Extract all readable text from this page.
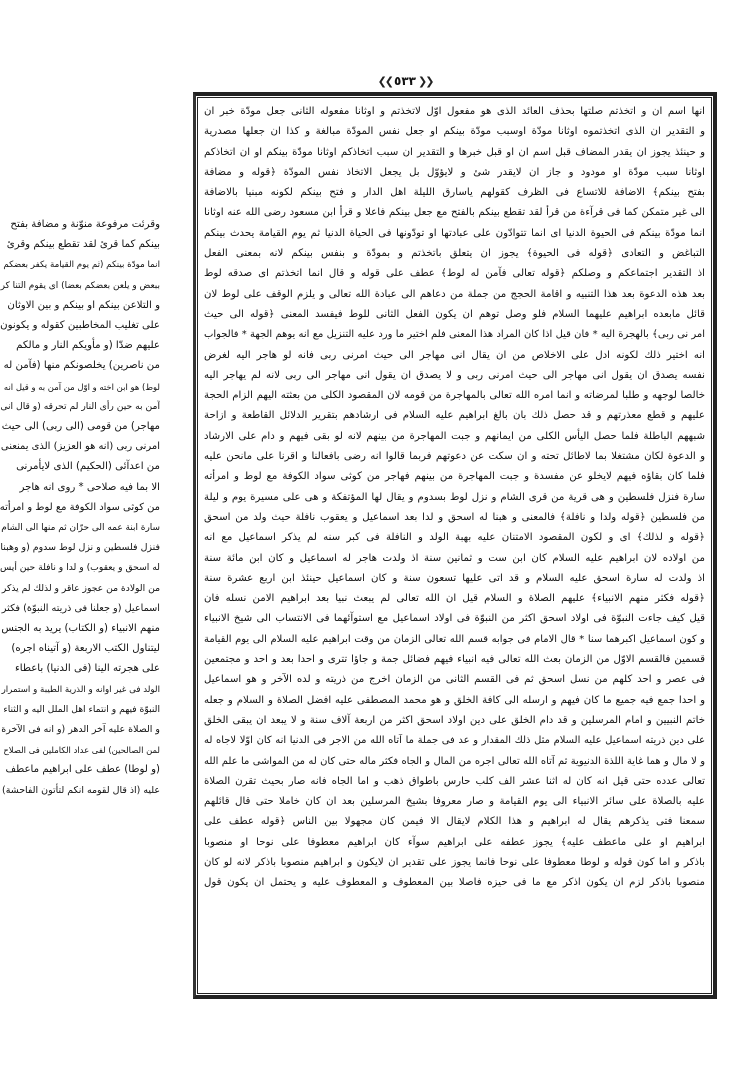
❮❮ ٥٣٣ ❯❯
وقرئت مرفوعة منوّنة و مضافة بفتح
بينكم كما قرئ لقد تقطع بينكم وقرئ
انما مودّة بينكم (ثم يوم القيامة يكفر بعضكم
ببعض و يلعن بعضكم بعضا) اى يقوم التنا كر
و التلاعن بينكم او بينكم و بين الاوثان
على تغليب المخاطبين كقوله و يكونون
عليهم ضدّا (و مأويكم النار و مالكم
من ناصرين) يخلصونكم منها (فآمن له
لوط) هو ابن اخته و اوّل من آمن به و قيل انه
آمن به حين رأى النار لم تحرقه (و قال انى
مهاجر) من قومى (الى ربى) الى حيث
امرنى ربى (انه هو العزيز) الذى يمنعنى
من اعدآئى (الحكيم) الذى لايأمرنى
الا بما فيه صلاحى * روى انه هاجر
من كوثى سواد الكوفة مع لوط و امرأته
سارة ابنة عمه الى حرّان ثم منها الى الشام
فنزل فلسطين و نزل لوط سدوم (و وهبنا
له اسحق و يعقوب) و لدا و نافلة حين أيس
من الولادة من عجوز عاقر و لذلك لم يذكر
اسماعيل (و جعلنا فى ذريته النبوّة) فكثر
منهم الانبياء (و الكتاب) يريد به الجنس
ليتناول الكتب الاربعة (و آتيناه اجره)
على هجرته الينا (فى الدنيا) باعطاء
الولد فى غير اوانه و الذرية الطيبة و استمرار
النبوّة فيهم و انتماء اهل الملل اليه و الثناء
و الصلاة عليه آخر الدهر (و انه فى الآخرة
لمن الصالحين) لفى عداد الكاملين فى الصلاح
(و لوطا) عطف على ابراهيم ماعطف
عليه (اذ قال لقومه انكم لتأتون الفاحشة)
انها اسم ان و اتخذتم صلتها بحذف العائد الذى هو مفعول اوّل لاتخذتم و اوثانا مفعوله الثانى جعل مودّة خبر ان
و التقدير ان الذى اتخذتموه اوثانا مودّة اوسبب مودّة بينكم او جعل نفس المودّة مبالغة و كذا ان جعلها مصدرية
و حينئذ يجوز ان يقدر المضاف قبل اسم ان او قبل خبرها و التقدير ان سبب اتخاذكم اوثانا مودّة بينكم او ان اتخاذكم
اوثانا سبب مودّة او مودود و جاز ان لايقدر شئ و لايؤوّل بل يجعل الاتخاذ نفس المودّة ﴿قوله و مضافة
بفتح بينكم﴾ الاضافة للاتساع فى الظرف كقولهم ياسارق الليلة اهل الدار و فتح بينكم لكونه مبنيا بالاضافة
الى غير متمكن كما فى قرآءة من قرأ لقد تقطع بينكم بالفتح مع جعل بينكم فاعلا و قرأ ابن مسعود رضى الله عنه اوثانا
انما مودّة بينكم فى الحيوة الدنيا اى انما تتوادّون على عبادتها او تودّونها فى الحياة الدنيا ثم يوم القيامة يحدث بينكم
التباغض و التعادى ﴿قوله فى الحيوة﴾ يجوز ان يتعلق باتخذتم و بمودّة و بنفس بينكم لانه بمعنى الفعل
اذ التقدير اجتماعكم و وصلكم ﴿قوله تعالى فآمن له لوط﴾ عطف على قوله و قال انما اتخذتم اى صدقه لوط
بعد هذه الدعوة بعد هذا التنبيه و اقامة الحجج من جملة من دعاهم الى عبادة الله تعالى و يلزم الوقف على لوط لان
قائل مابعده ابراهيم عليهما السلام فلو وصل توهم ان يكون الفعل الثانى للوط فيفسد المعنى ﴿قوله الى حيث
امر نى ربى﴾ بالهجرة اليه * فان قيل اذا كان المراد هذا المعنى فلم اختير ما ورد عليه التنزيل مع انه يوهم الجهة * فالجواب
انه اختير ذلك لكونه ادل على الاخلاص من ان يقال انى مهاجر الى حيث امرنى ربى فانه لو هاجر اليه لغرض
نفسه يصدق ان يقول انى مهاجر الى حيث امرنى ربى و لا يصدق ان يقول انى مهاجر الى ربى لانه لم يهاجر اليه
خالصا لوجهه و طلبا لمرضاته و انما امره الله تعالى بالمهاجرة من قومه لان المقصود الكلى من بعثته اليهم الزام الحجة
عليهم و قطع معذرتهم و قد حصل ذلك بان بالغ ابراهيم عليه السلام فى ارشادهم بتقرير الدلائل القاطعة و ازاحة
شبههم الباطلة فلما حصل اليأس الكلى من ايمانهم و جبت المهاجرة من بينهم لانه لو بقى فيهم و دام على الارشاد
و الدعوة لكان مشتغلا بما لاطائل تحته و ان سكت عن دعوتهم فربما قالوا انه رضى بافعالنا و اقرنا على مانحن عليه
فلما كان بقاؤه فيهم لايخلو عن مفسدة و جبت المهاجرة من بينهم فهاجر من كوثى سواد الكوفة مع لوط و امرأته
سارة فنزل فلسطين و هى قرية من قرى الشام و نزل لوط بسدوم و يقال لها المؤتفكة و هى على مسيرة يوم و ليلة
من فلسطين ﴿قوله ولدا و نافلة﴾ فالمعنى و هبنا له اسحق و لدا بعد اسماعيل و يعقوب نافلة حيث ولد من اسحق
﴿قوله و لذلك﴾ اى و لكون المقصود الامتنان عليه بهبة الولد و النافلة فى كبر سنه لم يذكر اسماعيل مع انه
من اولاده لان ابراهيم عليه السلام كان ابن ست و ثمانين سنة اذ ولدت هاجر له اسماعيل و كان ابن مائة سنة
اذ ولدت له سارة اسحق عليه السلام و قد اتى عليها تسعون سنة و كان اسماعيل حينئذ ابن اربع عشرة سنة
﴿قوله فكثر منهم الانبياء﴾ عليهم الصلاة و السلام قيل ان الله تعالى لم يبعث نبيا بعد ابراهيم الامن نسله فان
قيل كيف جاءت النبوّة فى اولاد اسحق اكثر من النبوّة فى اولاد اسماعيل مع استوآئهما فى الانتساب الى شيخ الانبياء
و كون اسماعيل اكبرهما سنا * قال الامام فى جوابه قسم الله تعالى الزمان من وقت ابراهيم عليه السلام الى يوم القيامة
قسمين فالقسم الاوّل من الزمان بعث الله تعالى فيه انبياء فيهم فضائل جمة و جاؤا تترى و احدا بعد و احد و مجتمعين
فى عصر و احد كلهم من نسل اسحق ثم فى القسم الثانى من الزمان اخرج من ذريته و لده الآخر و هو اسماعيل
و احدا جمع فيه جميع ما كان فيهم و ارسله الى كافة الخلق و هو محمد المصطفى عليه افضل الصلاة و السلام و جعله
خاتم النبيين و امام المرسلين و قد دام الخلق على دين اولاد اسحق اكثر من اربعة آلاف سنة و لا يبعد ان يبقى الخلق
على دين ذريته اسماعيل عليه السلام مثل ذلك المقدار و عد فى جملة ما آتاه الله من الاجر فى الدنيا انه كان اوّلا لاجاه له
و لا مال و هما غاية اللذة الدنيوية ثم آتاه الله تعالى اجره من المال و الجاه فكثر ماله حتى كان له من المواشى ما علم الله
تعالى عدده حتى قيل انه كان له اثنا عشر الف كلب حارس باطواق ذهب و اما الجاه فانه صار بحيث تقرن الصلاة
عليه بالصلاة على سائر الانبياء الى يوم القيامة و صار معروفا بشيخ المرسلين بعد ان كان خاملا حتى قال قائلهم
سمعنا فتى يذكرهم يقال له ابراهيم و هذا الكلام لايقال الا فيمن كان مجهولا بين الناس ﴿قوله عطف على
ابراهيم او على ماعطف عليه﴾ يجوز عطفه على ابراهيم سوآء كان ابراهيم معطوفا على نوحا او منصوبا
باذكر و اما كون قوله و لوطا معطوفا على نوحا فانما يجوز على تقدير ان لايكون و ابراهيم منصوبا باذكر لانه لو كان
منصوبا باذكر لزم ان يكون اذكر مع ما فى حيزه فاصلا بين المعطوف و المعطوف عليه و يحتمل ان يكون قول
